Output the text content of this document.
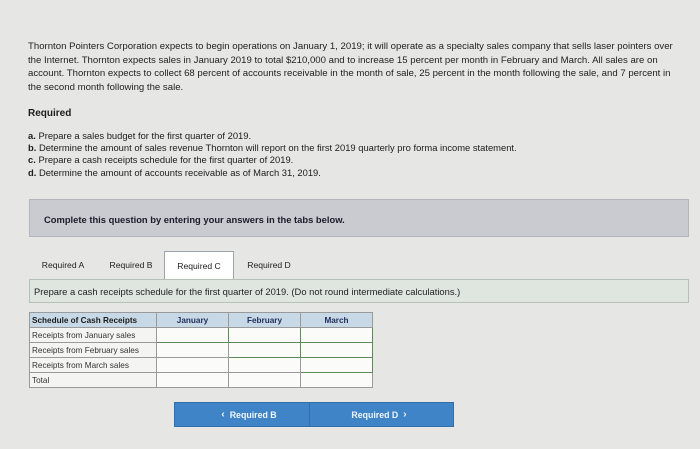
Thornton Pointers Corporation expects to begin operations on January 1, 2019; it will operate as a specialty sales company that sells laser pointers over the Internet. Thornton expects sales in January 2019 to total $210,000 and to increase 15 percent per month in February and March. All sales are on account. Thornton expects to collect 68 percent of accounts receivable in the month of sale, 25 percent in the month following the sale, and 7 percent in the second month following the sale.
Required
a. Prepare a sales budget for the first quarter of 2019.
b. Determine the amount of sales revenue Thornton will report on the first 2019 quarterly pro forma income statement.
c. Prepare a cash receipts schedule for the first quarter of 2019.
d. Determine the amount of accounts receivable as of March 31, 2019.
Complete this question by entering your answers in the tabs below.
Required A	Required B	Required C	Required D
Prepare a cash receipts schedule for the first quarter of 2019. (Do not round intermediate calculations.)
Schedule of Cash Receipts	January	February	March
Receipts from January sales			
Receipts from February sales			
Receipts from March sales			
Total			
‹ Required B	Required D ›
